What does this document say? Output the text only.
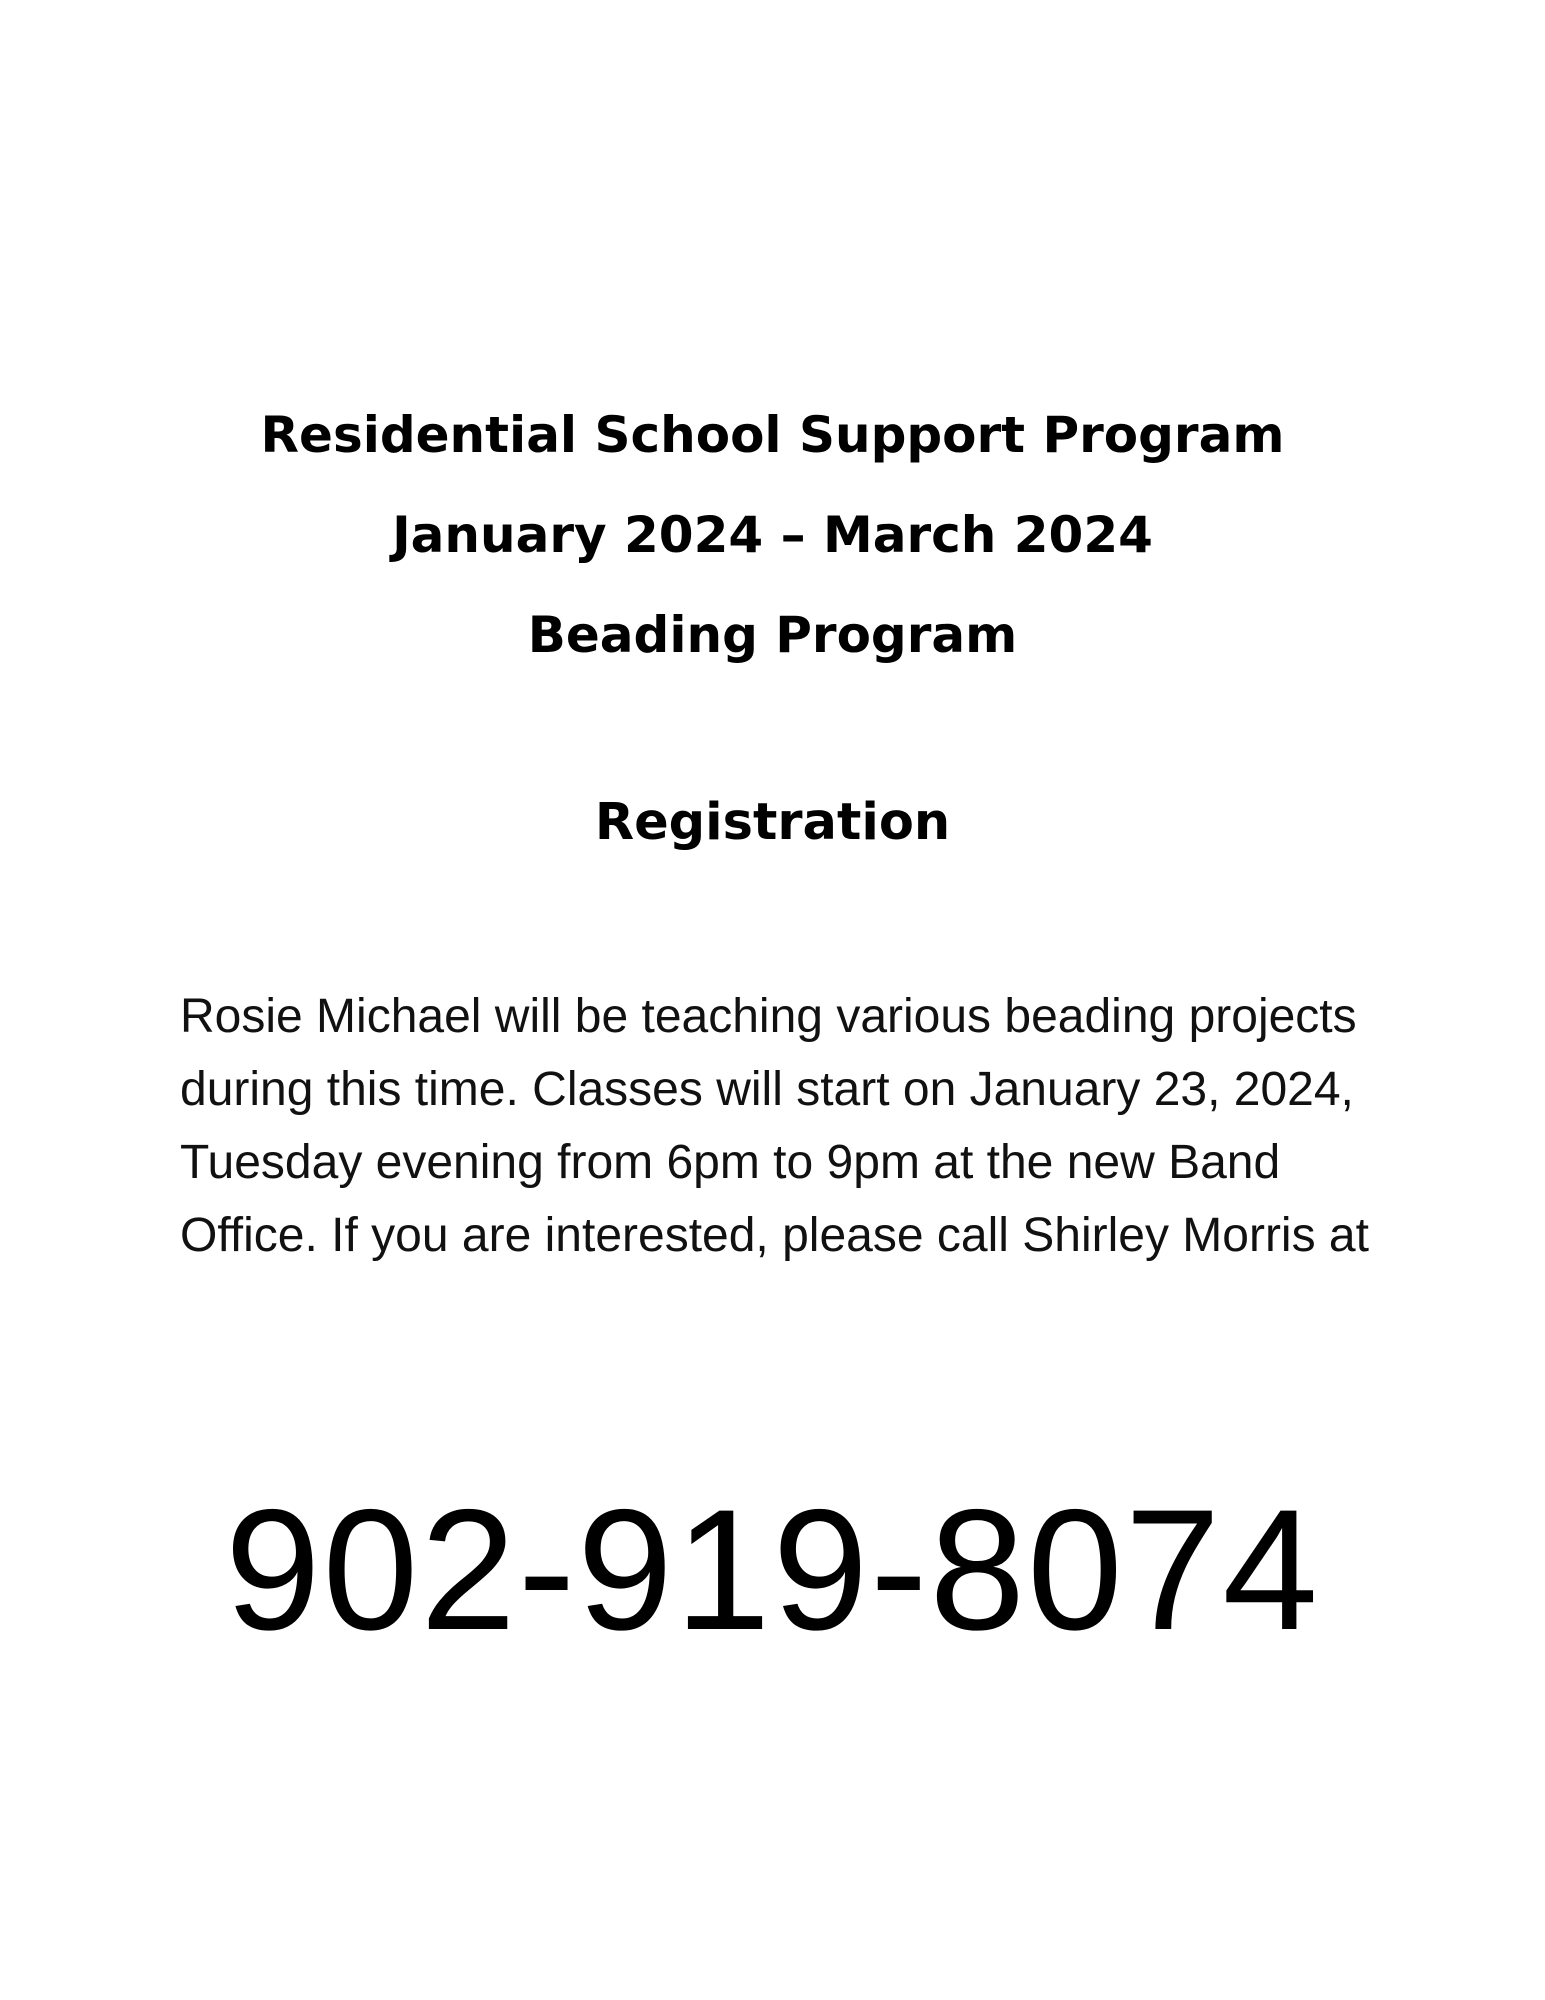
Residential School Support Program

January 2024 – March 2024

Beading Program

Registration

Rosie Michael will be teaching various beading projects during this time. Classes will start on January 23, 2024, Tuesday evening from 6pm to 9pm at the new Band Office. If you are interested, please call Shirley Morris at

902-919-8074
